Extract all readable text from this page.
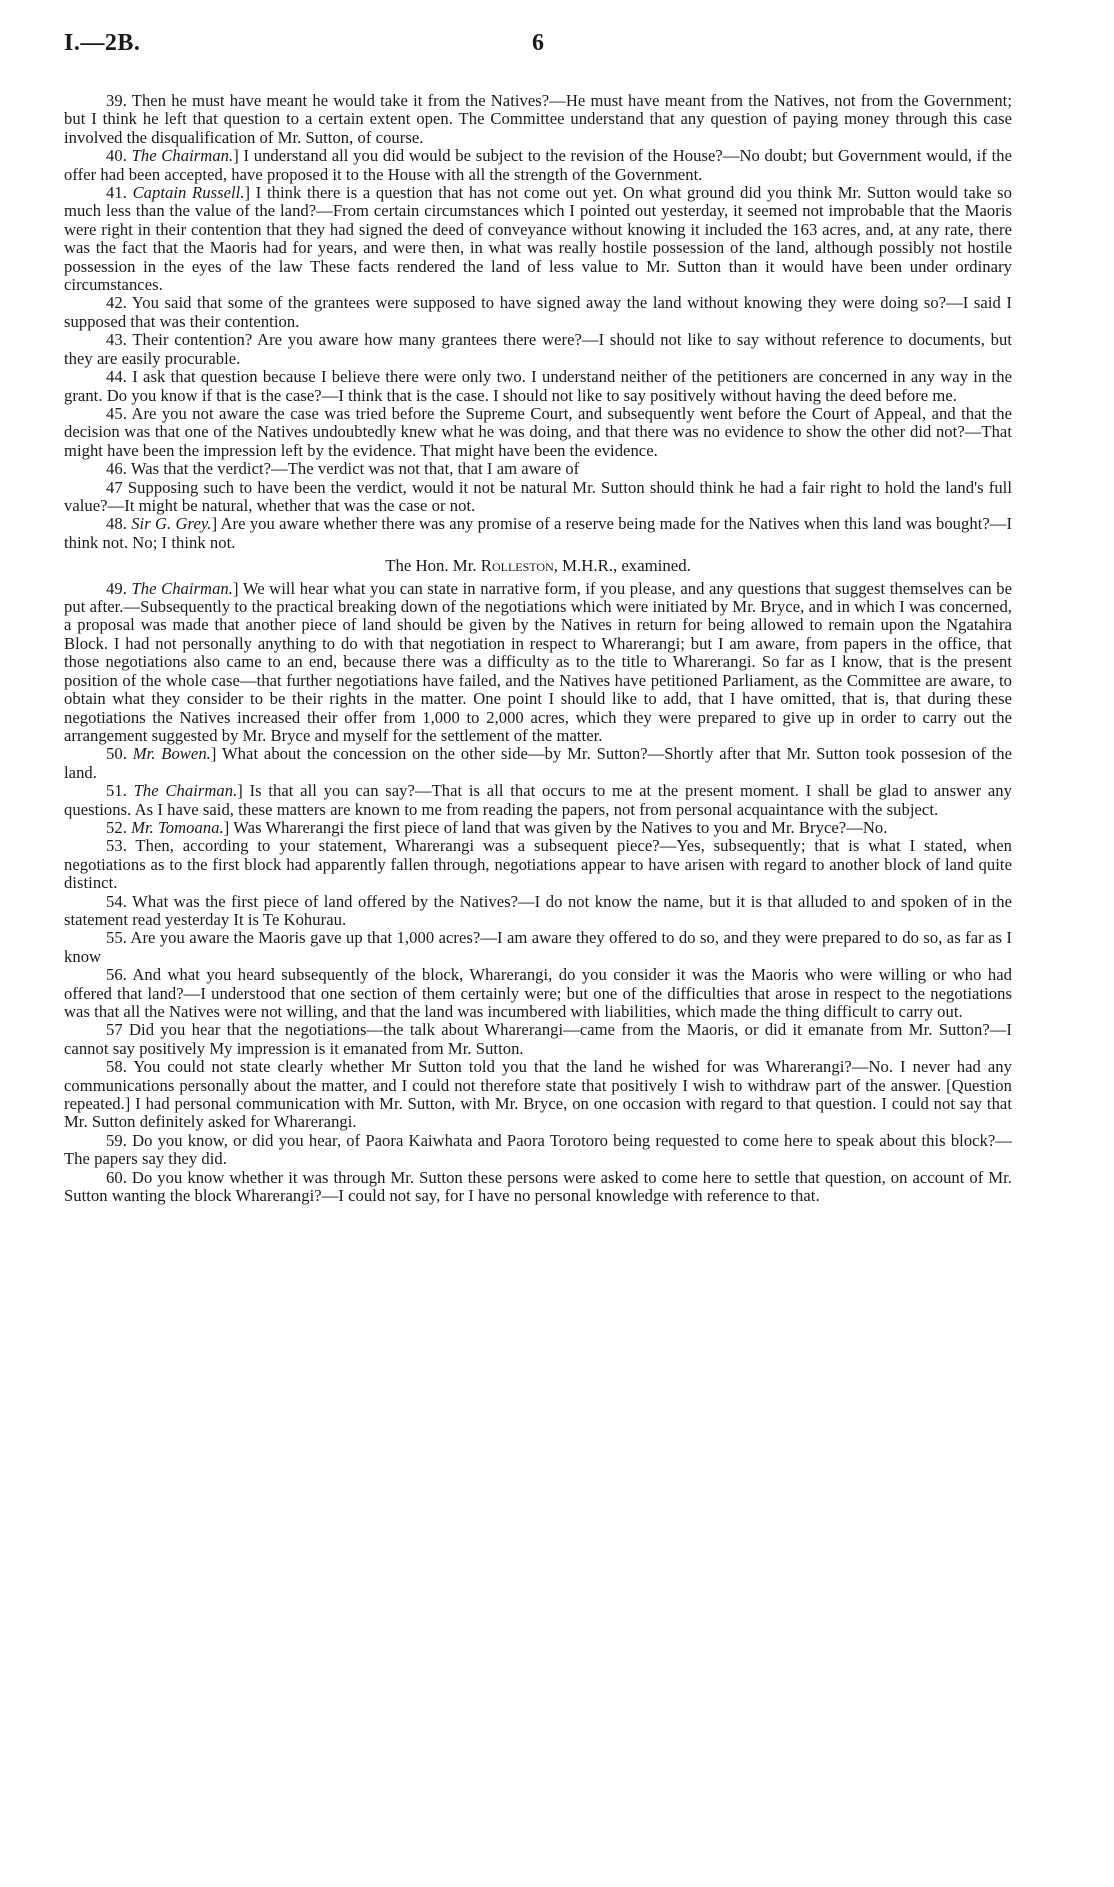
I.—2B.	6

39. Then he must have meant he would take it from the Natives?—He must have meant from the Natives, not from the Government; but I think he left that question to a certain extent open. The Committee understand that any question of paying money through this case involved the disqualification of Mr. Sutton, of course.

40. The Chairman.] I understand all you did would be subject to the revision of the House?—No doubt; but Government would, if the offer had been accepted, have proposed it to the House with all the strength of the Government.

41. Captain Russell.] I think there is a question that has not come out yet. On what ground did you think Mr. Sutton would take so much less than the value of the land?—From certain circumstances which I pointed out yesterday, it seemed not improbable that the Maoris were right in their contention that they had signed the deed of conveyance without knowing it included the 163 acres, and, at any rate, there was the fact that the Maoris had for years, and were then, in what was really hostile possession of the land, although possibly not hostile possession in the eyes of the law These facts rendered the land of less value to Mr. Sutton than it would have been under ordinary circumstances.

42. You said that some of the grantees were supposed to have signed away the land without knowing they were doing so?—I said I supposed that was their contention.

43. Their contention? Are you aware how many grantees there were?—I should not like to say without reference to documents, but they are easily procurable.

44. I ask that question because I believe there were only two. I understand neither of the petitioners are concerned in any way in the grant. Do you know if that is the case?—I think that is the case. I should not like to say positively without having the deed before me.

45. Are you not aware the case was tried before the Supreme Court, and subsequently went before the Court of Appeal, and that the decision was that one of the Natives undoubtedly knew what he was doing, and that there was no evidence to show the other did not?—That might have been the impression left by the evidence. That might have been the evidence.

46. Was that the verdict?—The verdict was not that, that I am aware of

47 Supposing such to have been the verdict, would it not be natural Mr. Sutton should think he had a fair right to hold the land's full value?—It might be natural, whether that was the case or not.

48. Sir G. Grey.] Are you aware whether there was any promise of a reserve being made for the Natives when this land was bought?—I think not. No; I think not.

The Hon. Mr. Rolleston, M.H.R., examined.

49. The Chairman.] We will hear what you can state in narrative form, if you please, and any questions that suggest themselves can be put after.—Subsequently to the practical breaking down of the negotiations which were initiated by Mr. Bryce, and in which I was concerned, a proposal was made that another piece of land should be given by the Natives in return for being allowed to remain upon the Ngatahira Block. I had not personally anything to do with that negotiation in respect to Wharerangi; but I am aware, from papers in the office, that those negotiations also came to an end, because there was a difficulty as to the title to Wharerangi. So far as I know, that is the present position of the whole case—that further negotiations have failed, and the Natives have petitioned Parliament, as the Committee are aware, to obtain what they consider to be their rights in the matter. One point I should like to add, that I have omitted, that is, that during these negotiations the Natives increased their offer from 1,000 to 2,000 acres, which they were prepared to give up in order to carry out the arrangement suggested by Mr. Bryce and myself for the settlement of the matter.

50. Mr. Bowen.] What about the concession on the other side—by Mr. Sutton?—Shortly after that Mr. Sutton took possesion of the land.

51. The Chairman.] Is that all you can say?—That is all that occurs to me at the present moment. I shall be glad to answer any questions. As I have said, these matters are known to me from reading the papers, not from personal acquaintance with the subject.

52. Mr. Tomoana.] Was Wharerangi the first piece of land that was given by the Natives to you and Mr. Bryce?—No.

53. Then, according to your statement, Wharerangi was a subsequent piece?—Yes, subsequently; that is what I stated, when negotiations as to the first block had apparently fallen through, negotiations appear to have arisen with regard to another block of land quite distinct.

54. What was the first piece of land offered by the Natives?—I do not know the name, but it is that alluded to and spoken of in the statement read yesterday It is Te Kohurau.

55. Are you aware the Maoris gave up that 1,000 acres?—I am aware they offered to do so, and they were prepared to do so, as far as I know

56. And what you heard subsequently of the block, Wharerangi, do you consider it was the Maoris who were willing or who had offered that land?—I understood that one section of them certainly were; but one of the difficulties that arose in respect to the negotiations was that all the Natives were not willing, and that the land was incumbered with liabilities, which made the thing difficult to carry out.

57 Did you hear that the negotiations—the talk about Wharerangi—came from the Maoris, or did it emanate from Mr. Sutton?—I cannot say positively My impression is it emanated from Mr. Sutton.

58. You could not state clearly whether Mr Sutton told you that the land he wished for was Wharerangi?—No. I never had any communications personally about the matter, and I could not therefore state that positively I wish to withdraw part of the answer. [Question repeated.] I had personal communication with Mr. Sutton, with Mr. Bryce, on one occasion with regard to that question. I could not say that Mr. Sutton definitely asked for Wharerangi.

59. Do you know, or did you hear, of Paora Kaiwhata and Paora Torotoro being requested to come here to speak about this block?—The papers say they did.

60. Do you know whether it was through Mr. Sutton these persons were asked to come here to settle that question, on account of Mr. Sutton wanting the block Wharerangi?—I could not say, for I have no personal knowledge with reference to that.
